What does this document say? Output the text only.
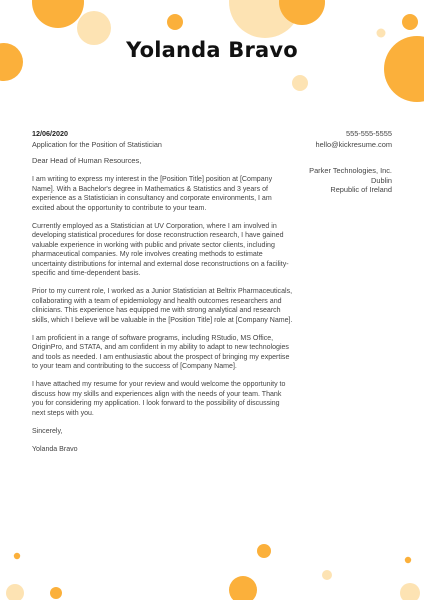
Yolanda Bravo
12/06/2020
Application for the Position of Statistician
555-555-5555
hello@kickresume.com
Dear Head of Human Resources,
Parker Technologies, Inc.
Dublin
Republic of Ireland

I am writing to express my interest in the [Position Title] position at [Company Name]. With a Bachelor's degree in Mathematics & Statistics and 3 years of experience as a Statistician in consultancy and corporate environments, I am excited about the opportunity to contribute to your team.

Currently employed as a Statistician at UV Corporation, where I am involved in developing statistical procedures for dose reconstruction research, I have gained valuable experience in working with public and private sector clients, including pharmaceutical companies. My role involves creating methods to estimate uncertainty distributions for internal and external dose reconstructions on a facility-specific and time-dependent basis.

Prior to my current role, I worked as a Junior Statistician at Beltrix Pharmaceuticals, collaborating with a team of epidemiology and health outcomes researchers and clinicians. This experience has equipped me with strong analytical and research skills, which I believe will be valuable in the [Position Title] role at [Company Name].

I am proficient in a range of software programs, including RStudio, MS Office, OriginPro, and STATA, and am confident in my ability to adapt to new technologies and tools as needed. I am enthusiastic about the prospect of bringing my expertise to your team and contributing to the success of [Company Name].

I have attached my resume for your review and would welcome the opportunity to discuss how my skills and experiences align with the needs of your team. Thank you for considering my application. I look forward to the possibility of discussing next steps with you.

Sincerely,

Yolanda Bravo
